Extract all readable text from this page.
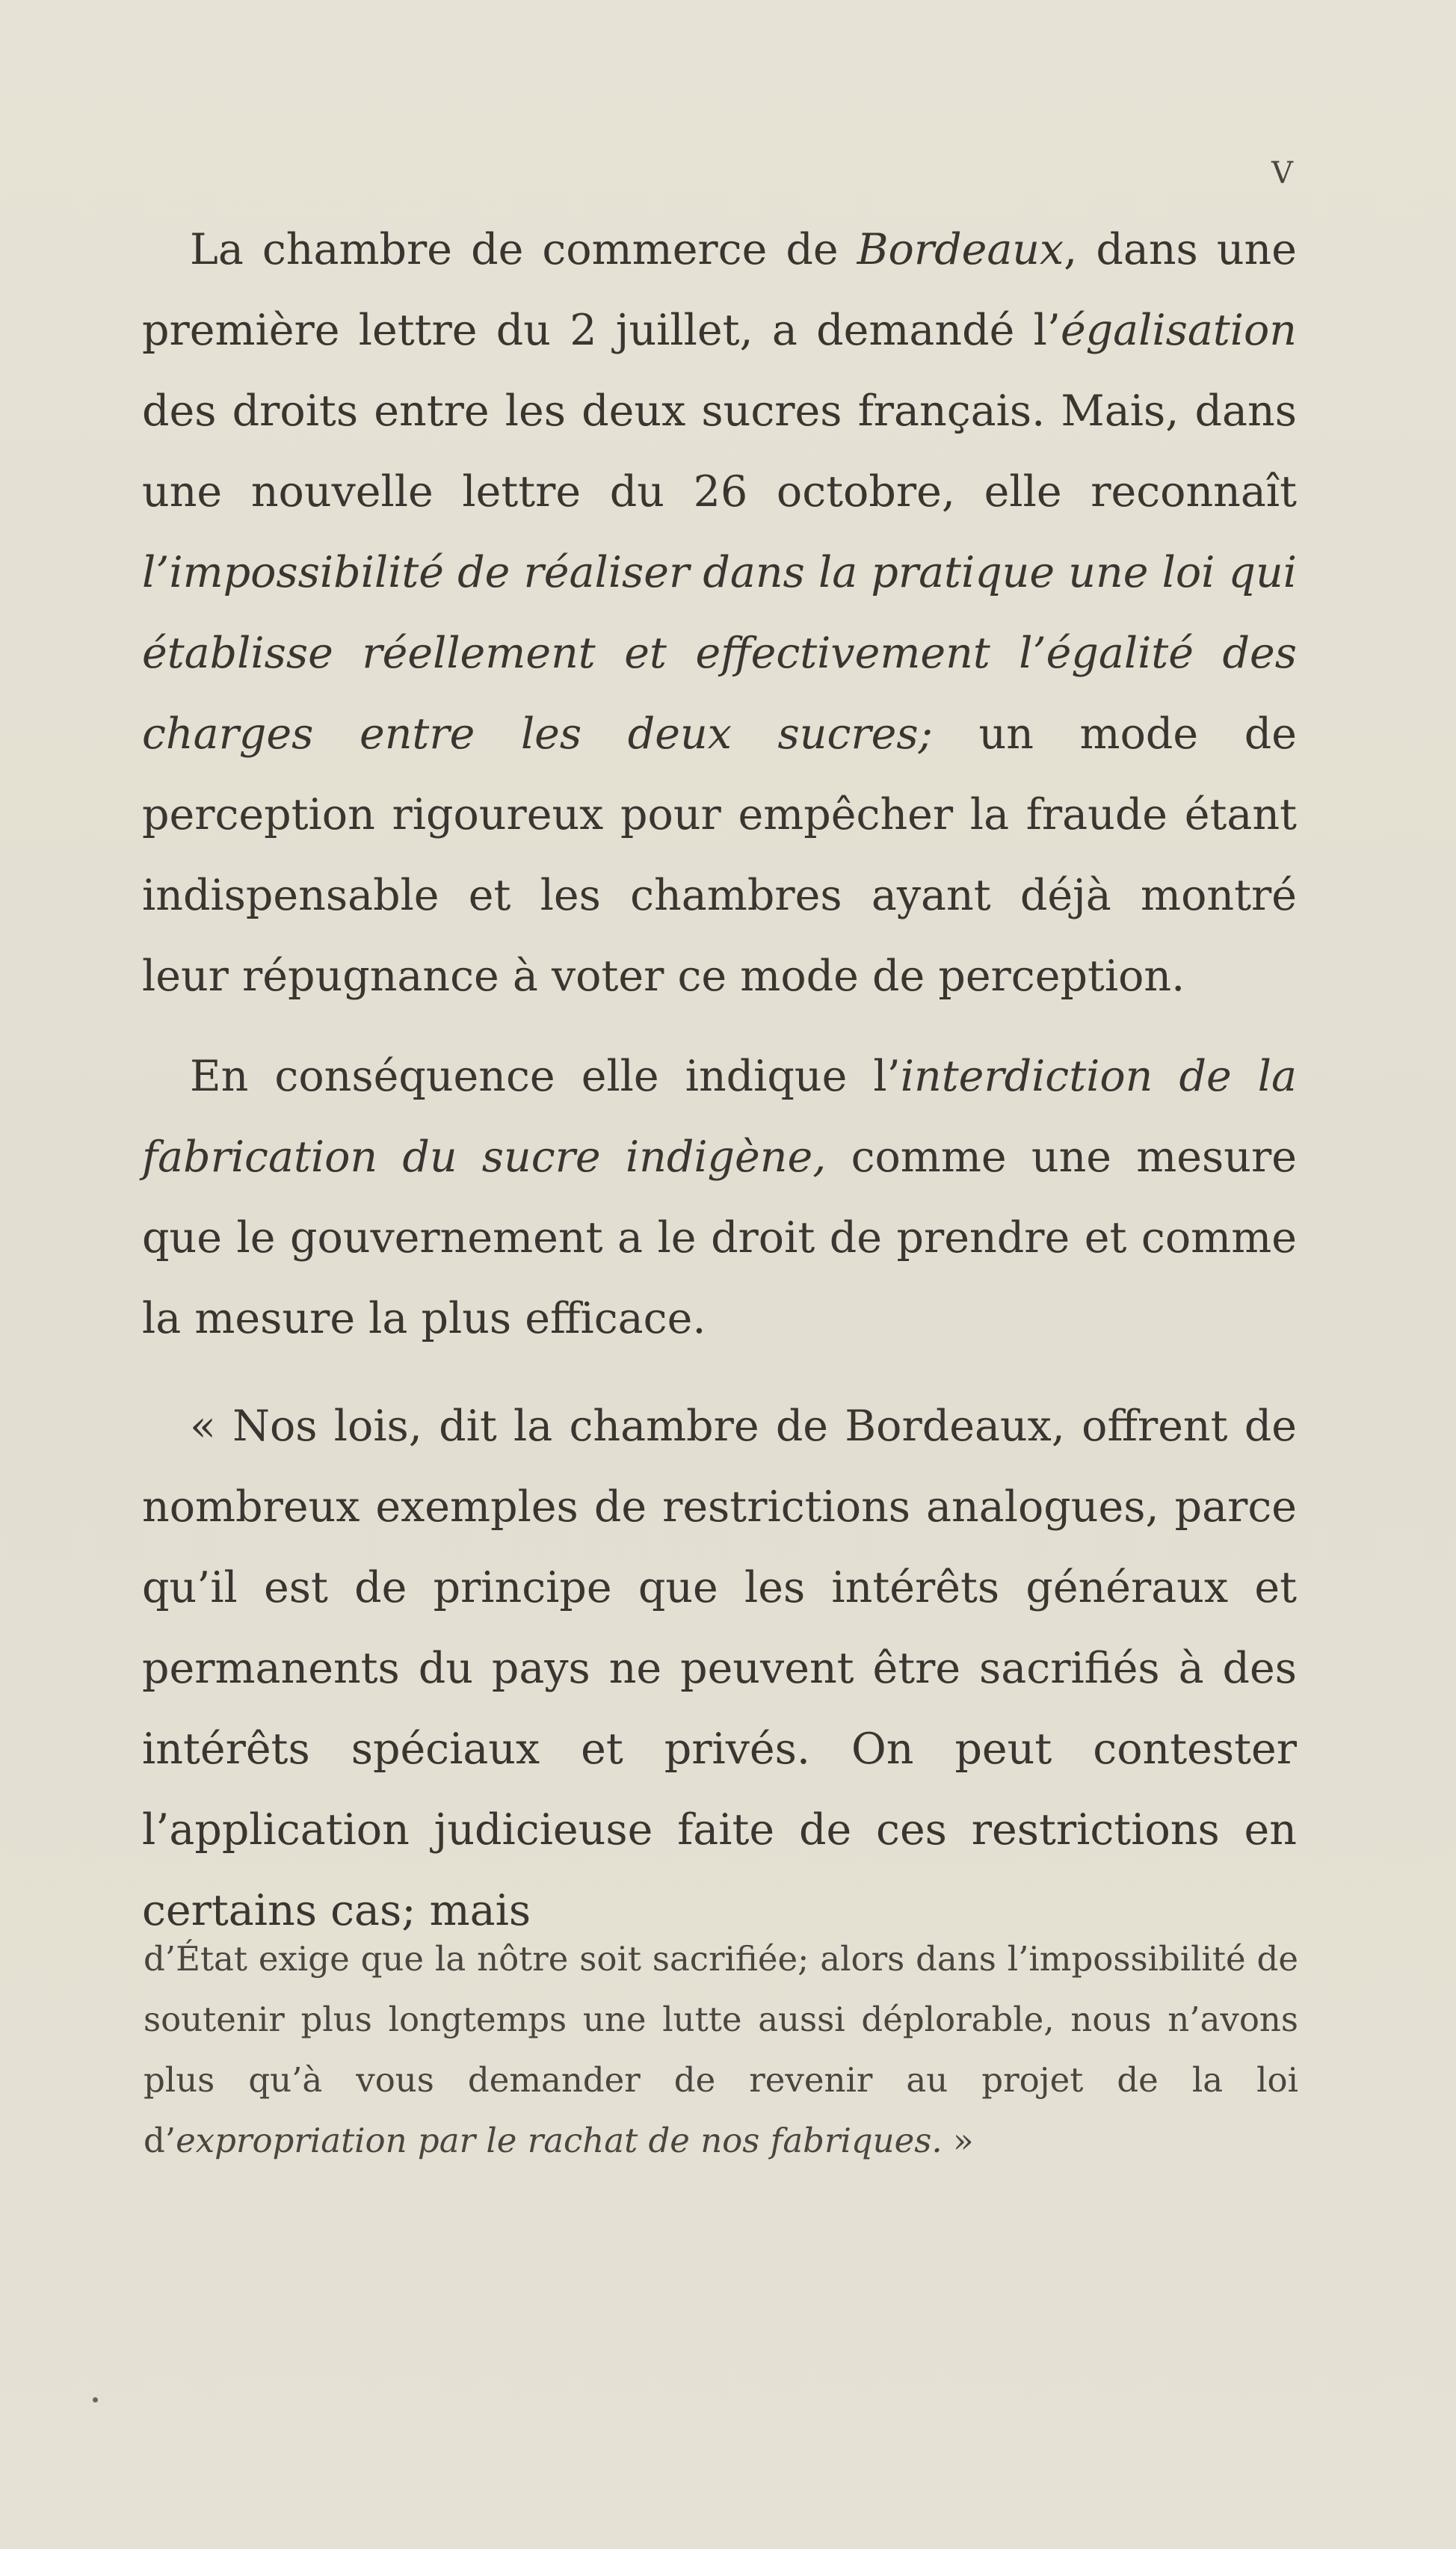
V

La chambre de commerce de Bordeaux, dans une première lettre du 2 juillet, a demandé l’égalisation des droits entre les deux sucres français. Mais, dans une nouvelle lettre du 26 octobre, elle reconnaît l’impossibilité de réaliser dans la pratique une loi qui établisse réellement et effectivement l’égalité des charges entre les deux sucres; un mode de perception rigoureux pour empêcher la fraude étant indispensable et les chambres ayant déjà montré leur répugnance à voter ce mode de perception.

En conséquence elle indique l’interdiction de la fabrication du sucre indigène, comme une mesure que le gouvernement a le droit de prendre et comme la mesure la plus efficace.

« Nos lois, dit la chambre de Bordeaux, offrent de nombreux exemples de restrictions analogues, parce qu’il est de principe que les intérêts généraux et permanents du pays ne peuvent être sacrifiés à des intérêts spéciaux et privés. On peut contester l’application judicieuse faite de ces restrictions en certains cas; mais

d’État exige que la nôtre soit sacrifiée; alors dans l’impossibilité de soutenir plus longtemps une lutte aussi déplorable, nous n’avons plus qu’à vous demander de revenir au projet de la loi d’expropriation par le rachat de nos fabriques. »
